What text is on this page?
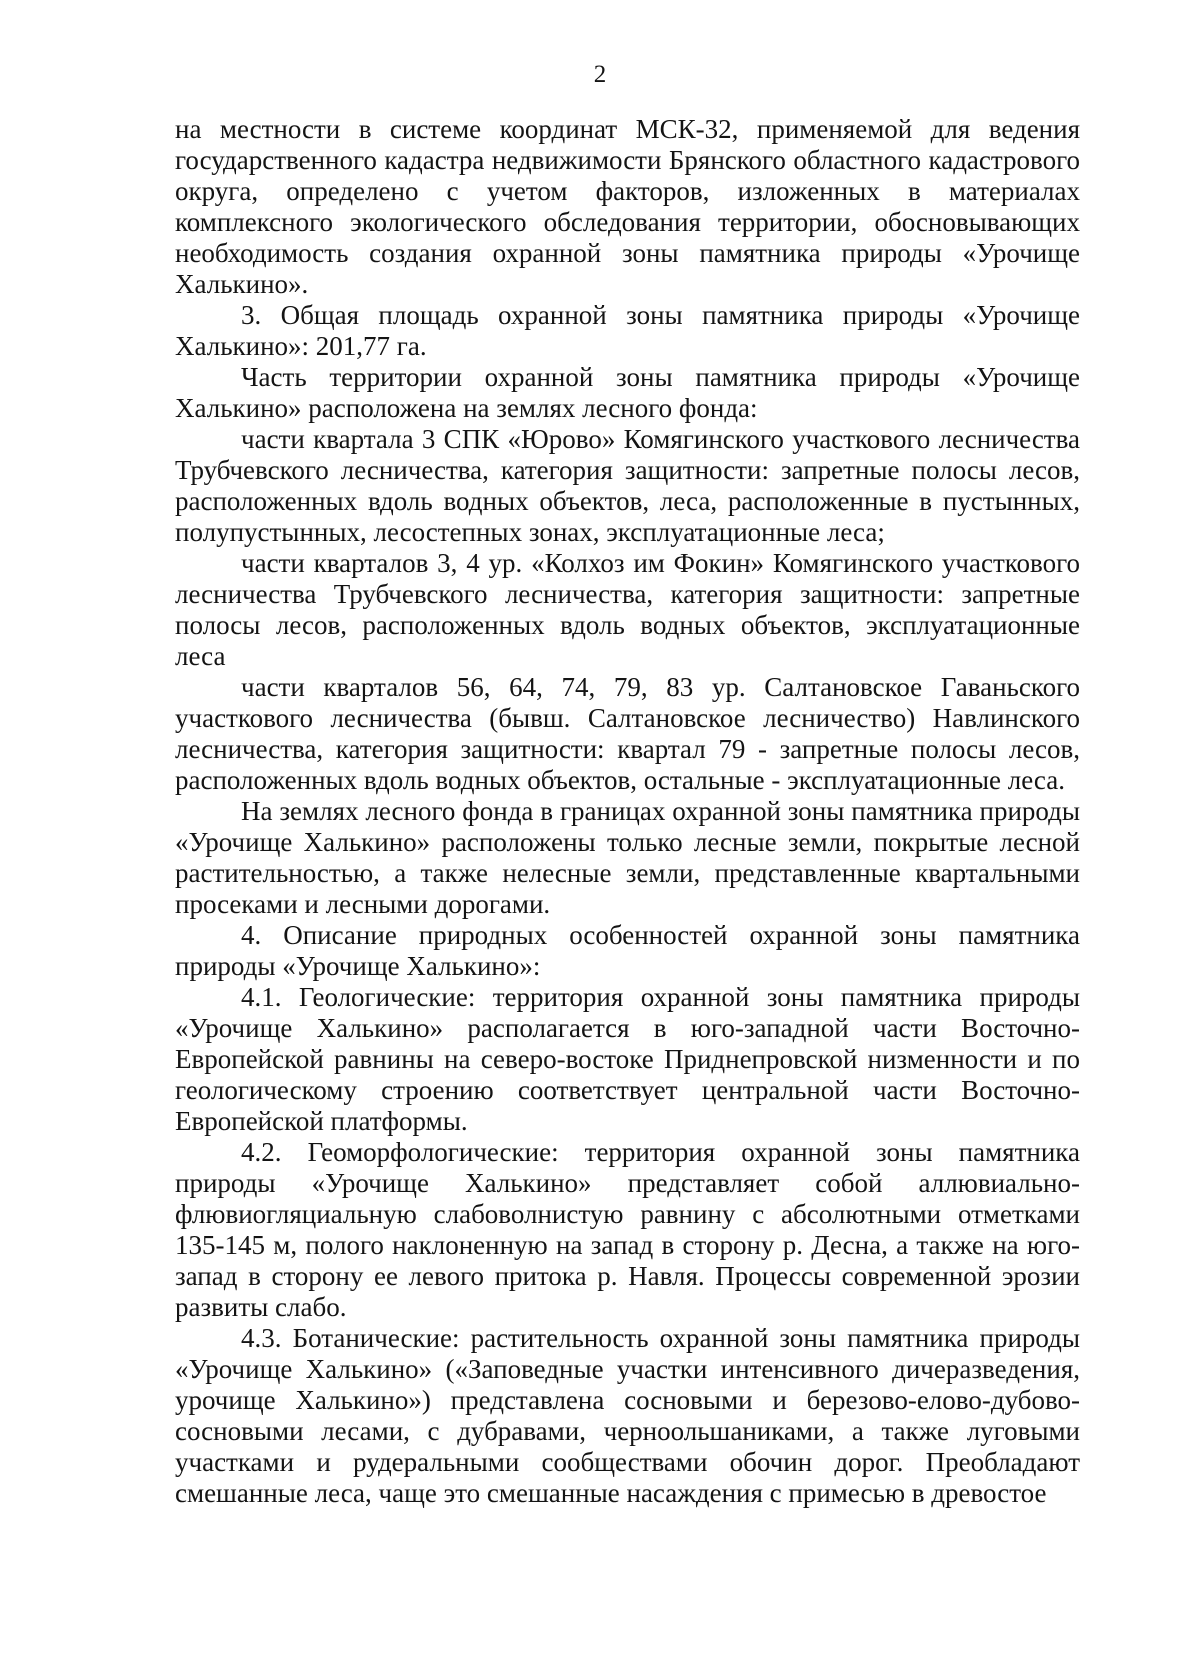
2

на местности в системе координат МСК-32, применяемой для ведения государственного кадастра недвижимости Брянского областного кадастрового округа, определено с учетом факторов, изложенных в материалах комплексного экологического обследования территории, обосновывающих необходимость создания охранной зоны памятника природы «Урочище Халькино».

3. Общая площадь охранной зоны памятника природы «Урочище Халькино»: 201,77 га.

Часть территории охранной зоны памятника природы «Урочище Халькино» расположена на землях лесного фонда:

части квартала 3 СПК «Юрово» Комягинского участкового лесничества Трубчевского лесничества, категория защитности: запретные полосы лесов, расположенных вдоль водных объектов, леса, расположенные в пустынных, полупустынных, лесостепных зонах, эксплуатационные леса;

части кварталов 3, 4 ур. «Колхоз им Фокин» Комягинского участкового лесничества Трубчевского лесничества, категория защитности: запретные полосы лесов, расположенных вдоль водных объектов, эксплуатационные леса

части кварталов 56, 64, 74, 79, 83 ур. Салтановское Гаваньского участкового лесничества (бывш. Салтановское лесничество) Навлинского лесничества, категория защитности: квартал 79 - запретные полосы лесов, расположенных вдоль водных объектов, остальные - эксплуатационные леса.

На землях лесного фонда в границах охранной зоны памятника природы «Урочище Халькино» расположены только лесные земли, покрытые лесной растительностью, а также нелесные земли, представленные квартальными просеками и лесными дорогами.

4. Описание природных особенностей охранной зоны памятника природы «Урочище Халькино»:

4.1. Геологические: территория охранной зоны памятника природы «Урочище Халькино» располагается в юго-западной части Восточно-Европейской равнины на северо-востоке Приднепровской низменности и по геологическому строению соответствует центральной части Восточно-Европейской платформы.

4.2. Геоморфологические: территория охранной зоны памятника природы «Урочище Халькино» представляет собой аллювиально-флювиогляциальную слабоволнистую равнину с абсолютными отметками 135-145 м, полого наклоненную на запад в сторону р. Десна, а также на юго-запад в сторону ее левого притока р. Навля. Процессы современной эрозии развиты слабо.

4.3. Ботанические: растительность охранной зоны памятника природы «Урочище Халькино» («Заповедные участки интенсивного дичеразведения, урочище Халькино») представлена сосновыми и березово-елово-дубово-сосновыми лесами, с дубравами, черноольшаниками, а также луговыми участками и рудеральными сообществами обочин дорог. Преобладают смешанные леса, чаще это смешанные насаждения с примесью в древостое
